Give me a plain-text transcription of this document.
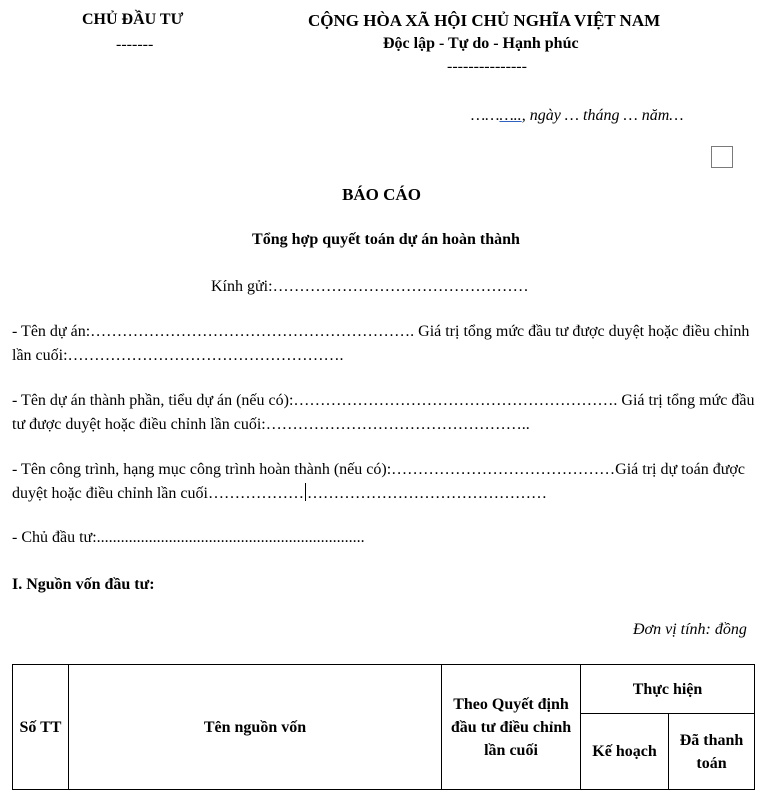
CHỦ ĐẦU TƯ
-------
CỘNG HÒA XÃ HỘI CHỦ NGHĨA VIỆT NAM
Độc lập - Tự do - Hạnh phúc
---------------
……….., ngày … tháng … năm…
BÁO CÁO
Tổng hợp quyết toán dự án hoàn thành
Kính gửi:…………………………………………
- Tên dự án:……………………………………………………. Giá trị tổng mức đầu tư được duyệt hoặc điều chỉnh lần cuối:…………………………………………….
- Tên dự án thành phần, tiểu dự án (nếu có):……………………………………………………. Giá trị tổng mức đầu tư được duyệt hoặc điều chỉnh lần cuối:…………………………………………..
- Tên công trình, hạng mục công trình hoàn thành (nếu có):……………………………………Giá trị dự toán được duyệt hoặc điều chỉnh lần cuối……………… ………………………………………
- Chủ đầu tư:...................................................................
I. Nguồn vốn đầu tư:
Đơn vị tính: đồng
Số TT	Tên nguồn vốn	Theo Quyết định đầu tư điều chỉnh lần cuối	Thực hiện	
			Kế hoạch	Đã thanh toán
